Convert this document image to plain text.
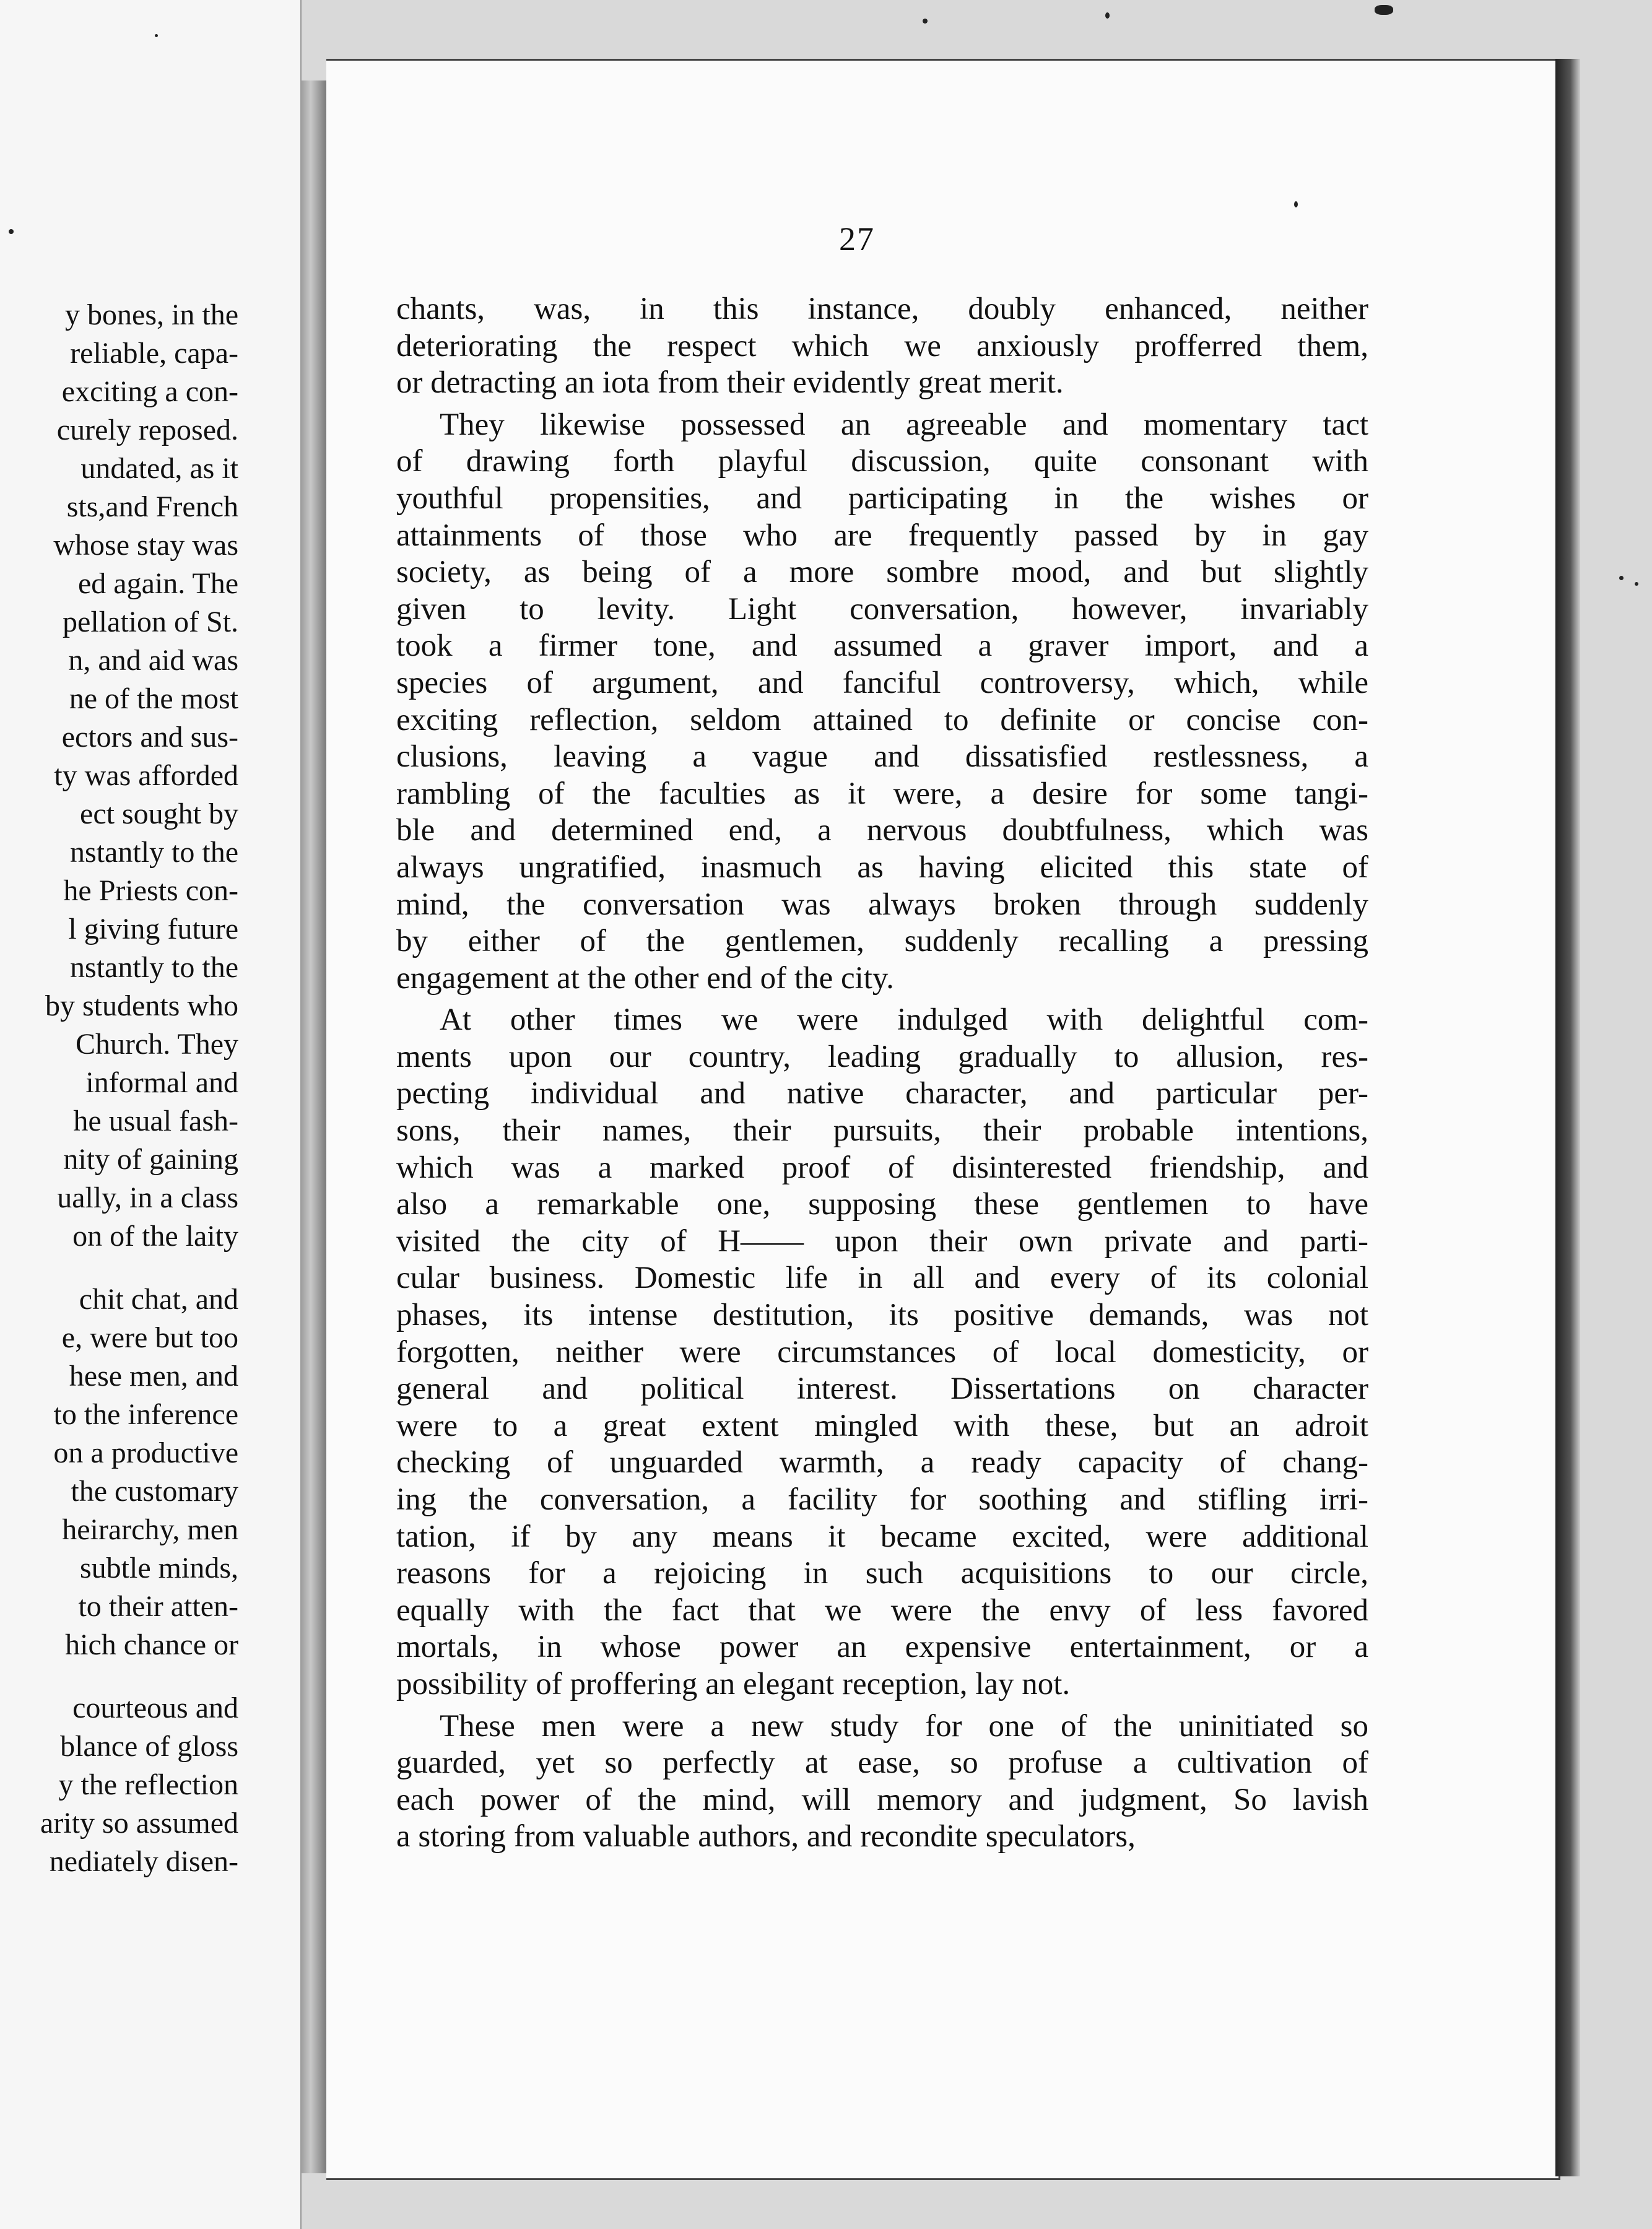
y bones, in the
reliable, capa-
exciting a con-
curely reposed.
undated, as it
sts,and French
whose stay was
ed again. The
pellation of St.
n, and aid was
ne of the most
ectors and sus-
ty was afforded
ect sought by
nstantly to the
he Priests con-
l giving future
nstantly to the
by students who
Church. They
informal and
he usual fash-
nity of gaining
ually, in a class
on of the laity
chit chat, and
e, were but too
hese men, and
to the inference
on a productive
the customary
heirarchy, men
subtle minds,
to their atten-
hich chance or
courteous and
blance of gloss
y the reflection
arity so assumed
nediately disen-
27
chants, was, in this instance, doubly enhanced, neither
deteriorating the respect which we anxiously profferred them,
or detracting an iota from their evidently great merit.
They likewise possessed an agreeable and momentary tact
of drawing forth playful discussion, quite consonant with
youthful propensities, and participating in the wishes or
attainments of those who are frequently passed by in gay
society, as being of a more sombre mood, and but slightly
given to levity. Light conversation, however, invariably
took a firmer tone, and assumed a graver import, and a
species of argument, and fanciful controversy, which, while
exciting reflection, seldom attained to definite or concise con-
clusions, leaving a vague and dissatisfied restlessness, a
rambling of the faculties as it were, a desire for some tangi-
ble and determined end, a nervous doubtfulness, which was
always ungratified, inasmuch as having elicited this state of
mind, the conversation was always broken through suddenly
by either of the gentlemen, suddenly recalling a pressing
engagement at the other end of the city.
At other times we were indulged with delightful com-
ments upon our country, leading gradually to allusion, res-
pecting individual and native character, and particular per-
sons, their names, their pursuits, their probable intentions,
which was a marked proof of disinterested friendship, and
also a remarkable one, supposing these gentlemen to have
visited the city of H—— upon their own private and parti-
cular business. Domestic life in all and every of its colonial
phases, its intense destitution, its positive demands, was not
forgotten, neither were circumstances of local domesticity, or
general and political interest. Dissertations on character
were to a great extent mingled with these, but an adroit
checking of unguarded warmth, a ready capacity of chang-
ing the conversation, a facility for soothing and stifling irri-
tation, if by any means it became excited, were additional
reasons for a rejoicing in such acquisitions to our circle,
equally with the fact that we were the envy of less favored
mortals, in whose power an expensive entertainment, or a
possibility of proffering an elegant reception, lay not.
These men were a new study for one of the uninitiated so
guarded, yet so perfectly at ease, so profuse a cultivation of
each power of the mind, will memory and judgment, So lavish
a storing from valuable authors, and recondite speculators,
